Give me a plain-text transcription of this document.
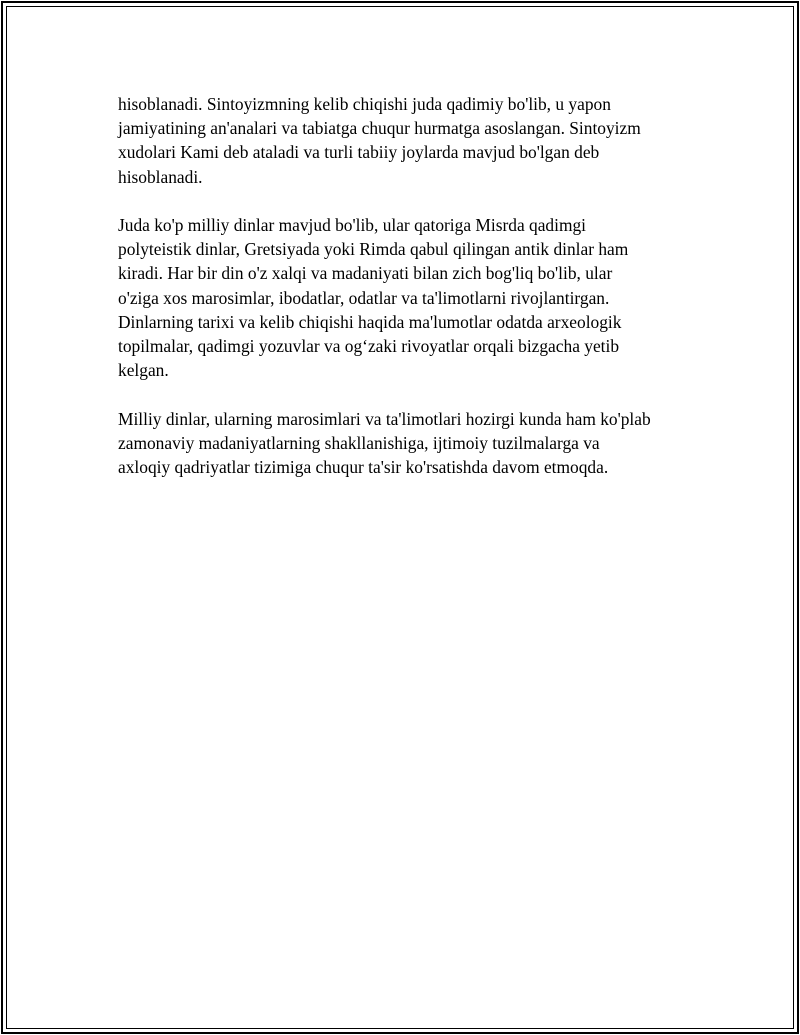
hisoblanadi. Sintoyizmning kelib chiqishi juda qadimiy bo'lib, u yapon
jamiyatining an'analari va tabiatga chuqur hurmatga asoslangan. Sintoyizm
xudolari Kami deb ataladi va turli tabiiy joylarda mavjud bo'lgan deb
hisoblanadi.

Juda ko'p milliy dinlar mavjud bo'lib, ular qatoriga Misrda qadimgi
polyteistik dinlar, Gretsiyada yoki Rimda qabul qilingan antik dinlar ham
kiradi. Har bir din o'z xalqi va madaniyati bilan zich bog'liq bo'lib, ular
o'ziga xos marosimlar, ibodatlar, odatlar va ta'limotlarni rivojlantirgan.
Dinlarning tarixi va kelib chiqishi haqida ma'lumotlar odatda arxeologik
topilmalar, qadimgi yozuvlar va og‘zaki rivoyatlar orqali bizgacha yetib
kelgan.

Milliy dinlar, ularning marosimlari va ta'limotlari hozirgi kunda ham ko'plab
zamonaviy madaniyatlarning shakllanishiga, ijtimoiy tuzilmalarga va
axloqiy qadriyatlar tizimiga chuqur ta'sir ko'rsatishda davom etmoqda.
